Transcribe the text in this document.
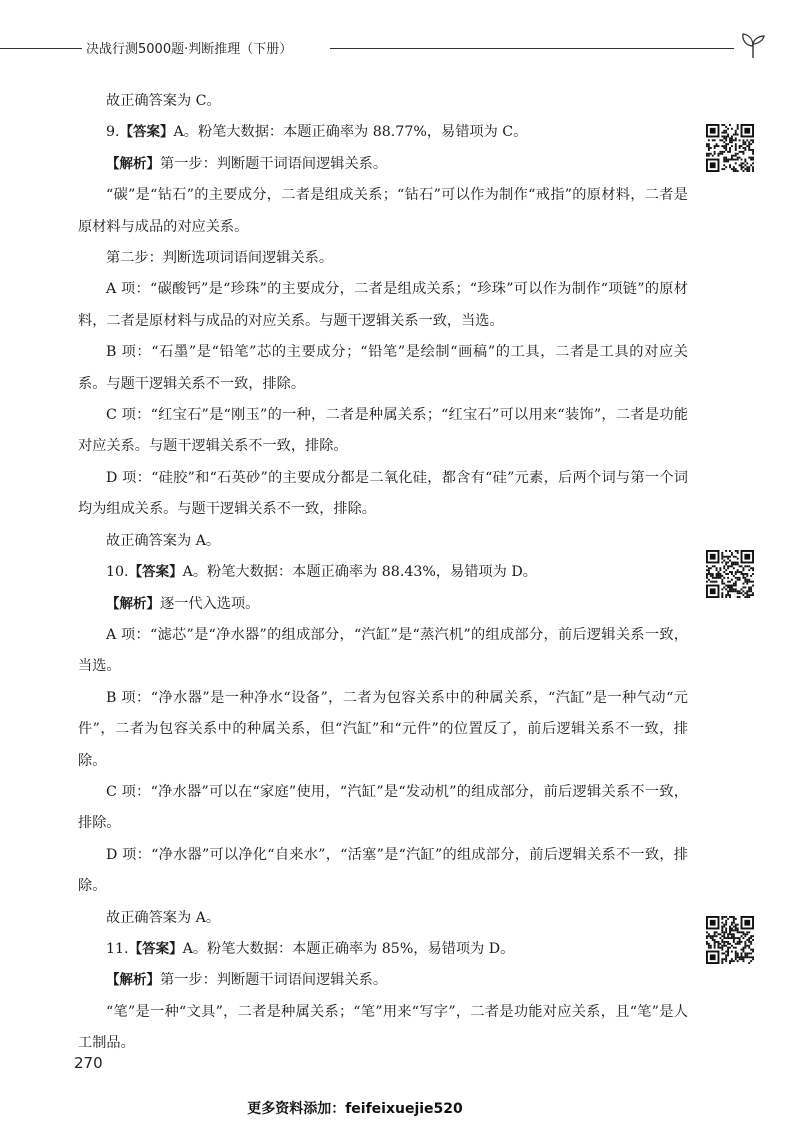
决战行测5000题·判断推理（下册）
故正确答案为 C。
9.【答案】A。粉笔大数据：本题正确率为 88.77%，易错项为 C。
【解析】第一步：判断题干词语间逻辑关系。
“碳”是“钻石”的主要成分，二者是组成关系；“钻石”可以作为制作“戒指”的原材料，二者是原材料与成品的对应关系。
第二步：判断选项词语间逻辑关系。
A 项：“碳酸钙”是“珍珠”的主要成分，二者是组成关系；“珍珠”可以作为制作“项链”的原材料，二者是原材料与成品的对应关系。与题干逻辑关系一致，当选。
B 项：“石墨”是“铅笔”芯的主要成分；“铅笔”是绘制“画稿”的工具，二者是工具的对应关系。与题干逻辑关系不一致，排除。
C 项：“红宝石”是“刚玉”的一种，二者是种属关系；“红宝石”可以用来“装饰”，二者是功能对应关系。与题干逻辑关系不一致，排除。
D 项：“硅胶”和“石英砂”的主要成分都是二氧化硅，都含有“硅”元素，后两个词与第一个词均为组成关系。与题干逻辑关系不一致，排除。
故正确答案为 A。
10.【答案】A。粉笔大数据：本题正确率为 88.43%，易错项为 D。
【解析】逐一代入选项。
A 项：“滤芯”是“净水器”的组成部分，“汽缸”是“蒸汽机”的组成部分，前后逻辑关系一致，当选。
B 项：“净水器”是一种净水“设备”，二者为包容关系中的种属关系，“汽缸”是一种气动“元件”，二者为包容关系中的种属关系，但“汽缸”和“元件”的位置反了，前后逻辑关系不一致，排除。
C 项：“净水器”可以在“家庭”使用，“汽缸”是“发动机”的组成部分，前后逻辑关系不一致，排除。
D 项：“净水器”可以净化“自来水”，“活塞”是“汽缸”的组成部分，前后逻辑关系不一致，排除。
故正确答案为 A。
11.【答案】A。粉笔大数据：本题正确率为 85%，易错项为 D。
【解析】第一步：判断题干词语间逻辑关系。
“笔”是一种“文具”，二者是种属关系；“笔”用来“写字”，二者是功能对应关系，且“笔”是人工制品。
270
更多资料添加：feifeixuejie520
